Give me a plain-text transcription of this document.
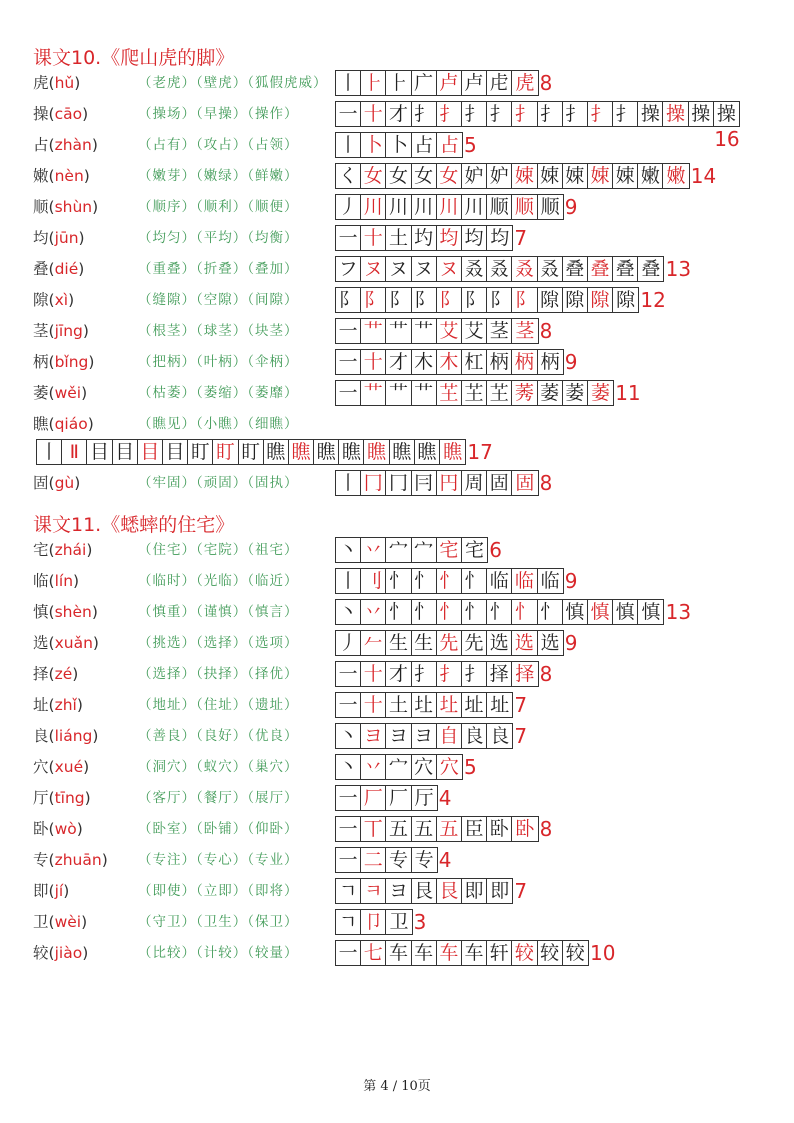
课文10.《爬山虎的脚》
虎(hǔ)	（老虎）（壁虎）（狐假虎威） 丨 ⺊ ⺊ 广 卢 卢 虍 虎 8
操(cāo)	（操场）（早操）（操作） 一 十 才 扌 扌 扌 扌 扌 扌 扌 扌 扌 操 操 操 操
16
占(zhàn)	（占有）（攻占）（占领） 丨 卜 卜 占 占 5
嫩(nèn)	（嫩芽）（嫩绿）（鲜嫩） く 女 女 女 女 妒 妒 娕 娕 娕 娕 娕 嫩 嫩 14
顺(shùn)	（顺序）（顺利）（顺便） 丿 川 川 川 川 川 顺 顺 顺 9
均(jūn)	（均匀）（平均）（均衡） 一 十 土 圴 均 均 均 7
叠(dié)	（重叠）（折叠）（叠加） フ ヌ ヌ ヌ ヌ 叒 叒 叒 叒 叠 叠 叠 叠 13
隙(xì)	（缝隙）（空隙）（间隙） 阝 阝 阝 阝 阝 阝 阝 阝 隙 隙 隙 隙 12
茎(jīng)	（根茎）（球茎）（块茎） 一 艹 艹 艹 艾 艾 茎 茎 8
柄(bǐng)	（把柄）（叶柄）（伞柄） 一 十 才 木 木 杠 柄 柄 柄 9
萎(wěi)	（枯萎）（萎缩）（萎靡） 一 艹 艹 艹 芏 芏 芏 莠 萎 萎 萎 11
瞧(qiáo)	（瞧见）（小瞧）（细瞧）
丨 Ⅱ 目 目 目 目 盯 盯 盯 瞧 瞧 瞧 瞧 瞧 瞧 瞧 瞧 17
固(gù)	（牢固）（顽固）（固执） 丨 冂 冂 冃 円 周 固 固 8
课文11.《蟋蟀的住宅》
宅(zhái)	（住宅）（宅院）（祖宅） 丶 丷 宀 宀 宅 宅 6
临(lín)	（临时）（光临）（临近） 丨 刂 忄 忄 忄 忄 临 临 临 9
慎(shèn)	（慎重）（谨慎）（慎言） 丶 丷 忄 忄 忄 忄 忄 忄 忄 慎 慎 慎 慎 13
选(xuǎn)	（挑选）（选择）（选项） 丿 𠂉 生 生 先 先 选 选 选 9
择(zé)	（选择）（抉择）（择优） 一 十 才 扌 扌 扌 择 择 8
址(zhǐ)	（地址）（住址）（遗址） 一 十 土 圵 圵 址 址 7
良(liáng)	（善良）（良好）（优良） 丶 ヨ ヨ ヨ 自 良 良 7
穴(xué)	（洞穴）（蚁穴）（巢穴） 丶 丷 宀 穴 穴 5
厅(tīng)	（客厅）（餐厅）（展厅） 一 厂 厂 厅 4
卧(wò)	（卧室）（卧铺）（仰卧） 一 丅 五 五 五 臣 卧 卧 8
专(zhuān) （专注）（专心）（专业） 一 二 专 专 4
即(jí)	（即使）（立即）（即将） ㄱ ㅋ ヨ 艮 艮 即 即 7
卫(wèi)	（守卫）（卫生）（保卫） ㄱ 卩 卫 3
较(jiào)	（比较）（计较）（较量） 一 七 车 车 车 车 轩 较 较 较 10
第 4 / 10页
